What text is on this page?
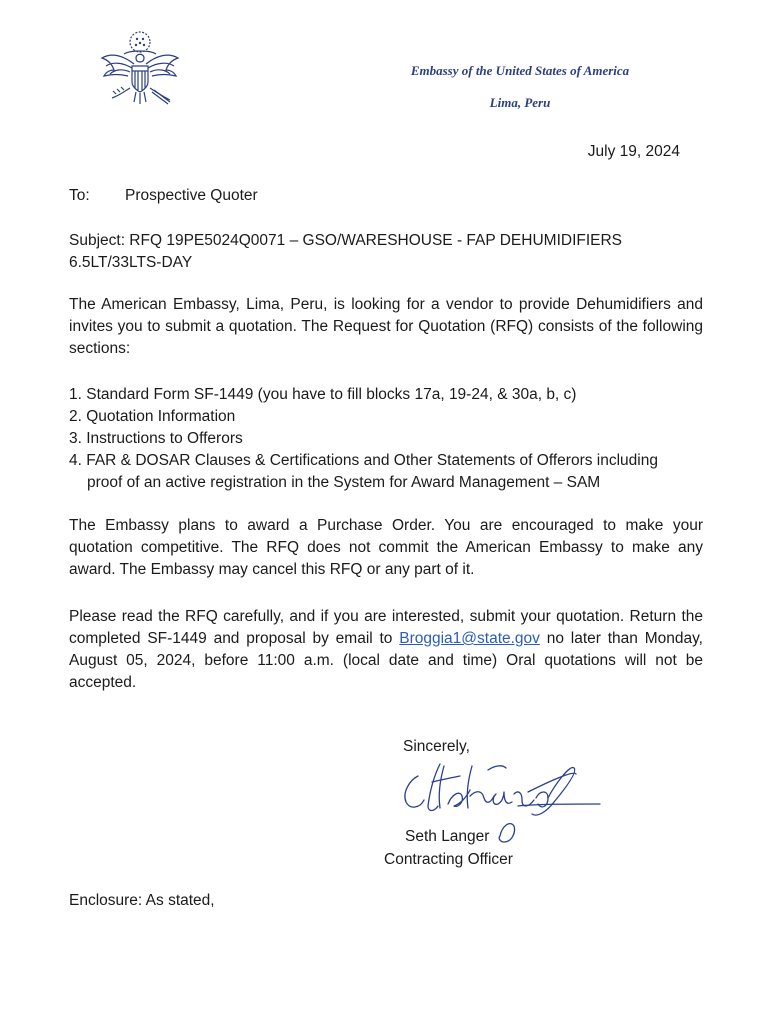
Embassy of the United States of America
Lima, Peru
July 19, 2024
To: Prospective Quoter
Subject: RFQ 19PE5024Q0071 – GSO/WARESHOUSE - FAP DEHUMIDIFIERS 6.5LT/33LTS-DAY
The American Embassy, Lima, Peru, is looking for a vendor to provide Dehumidifiers and invites you to submit a quotation. The Request for Quotation (RFQ) consists of the following sections:
1. Standard Form SF-1449 (you have to fill blocks 17a, 19-24, & 30a, b, c)
2. Quotation Information
3. Instructions to Offerors
4. FAR & DOSAR Clauses & Certifications and Other Statements of Offerors including
proof of an active registration in the System for Award Management – SAM
The Embassy plans to award a Purchase Order. You are encouraged to make your quotation competitive. The RFQ does not commit the American Embassy to make any award. The Embassy may cancel this RFQ or any part of it.
Please read the RFQ carefully, and if you are interested, submit your quotation. Return the completed SF-1449 and proposal by email to Broggia1@state.gov no later than Monday, August 05, 2024, before 11:00 a.m. (local date and time) Oral quotations will not be accepted.
Sincerely,
Seth Langer
Contracting Officer
Enclosure: As stated,
